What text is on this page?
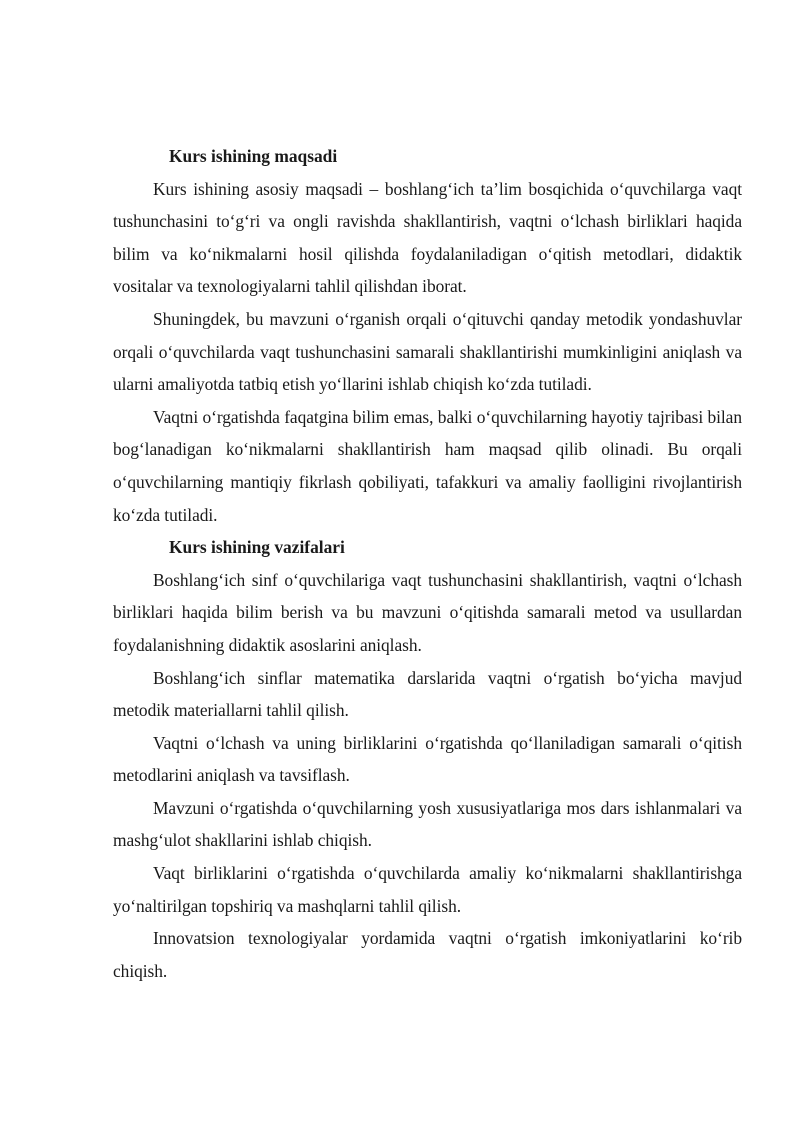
Kurs ishining maqsadi

Kurs ishining asosiy maqsadi – boshlang‘ich ta’lim bosqichida o‘quvchilarga vaqt tushunchasini to‘g‘ri va ongli ravishda shakllantirish, vaqtni o‘lchash birliklari haqida bilim va ko‘nikmalarni hosil qilishda foydalaniladigan o‘qitish metodlari, didaktik vositalar va texnologiyalarni tahlil qilishdan iborat.

Shuningdek, bu mavzuni o‘rganish orqali o‘qituvchi qanday metodik yondashuvlar orqali o‘quvchilarda vaqt tushunchasini samarali shakllantirishi mumkinligini aniqlash va ularni amaliyotda tatbiq etish yo‘llarini ishlab chiqish ko‘zda tutiladi.

Vaqtni o‘rgatishda faqatgina bilim emas, balki o‘quvchilarning hayotiy tajribasi bilan bog‘lanadigan ko‘nikmalarni shakllantirish ham maqsad qilib olinadi. Bu orqali o‘quvchilarning mantiqiy fikrlash qobiliyati, tafakkuri va amaliy faolligini rivojlantirish ko‘zda tutiladi.

Kurs ishining vazifalari

Boshlang‘ich sinf o‘quvchilariga vaqt tushunchasini shakllantirish, vaqtni o‘lchash birliklari haqida bilim berish va bu mavzuni o‘qitishda samarali metod va usullardan foydalanishning didaktik asoslarini aniqlash.

Boshlang‘ich sinflar matematika darslarida vaqtni o‘rgatish bo‘yicha mavjud metodik materiallarni tahlil qilish.

Vaqtni o‘lchash va uning birliklarini o‘rgatishda qo‘llaniladigan samarali o‘qitish metodlarini aniqlash va tavsiflash.

Mavzuni o‘rgatishda o‘quvchilarning yosh xususiyatlariga mos dars ishlanmalari va mashg‘ulot shakllarini ishlab chiqish.

Vaqt birliklarini o‘rgatishda o‘quvchilarda amaliy ko‘nikmalarni shakllantirishga yo‘naltirilgan topshiriq va mashqlarni tahlil qilish.

Innovatsion texnologiyalar yordamida vaqtni o‘rgatish imkoniyatlarini ko‘rib chiqish.
